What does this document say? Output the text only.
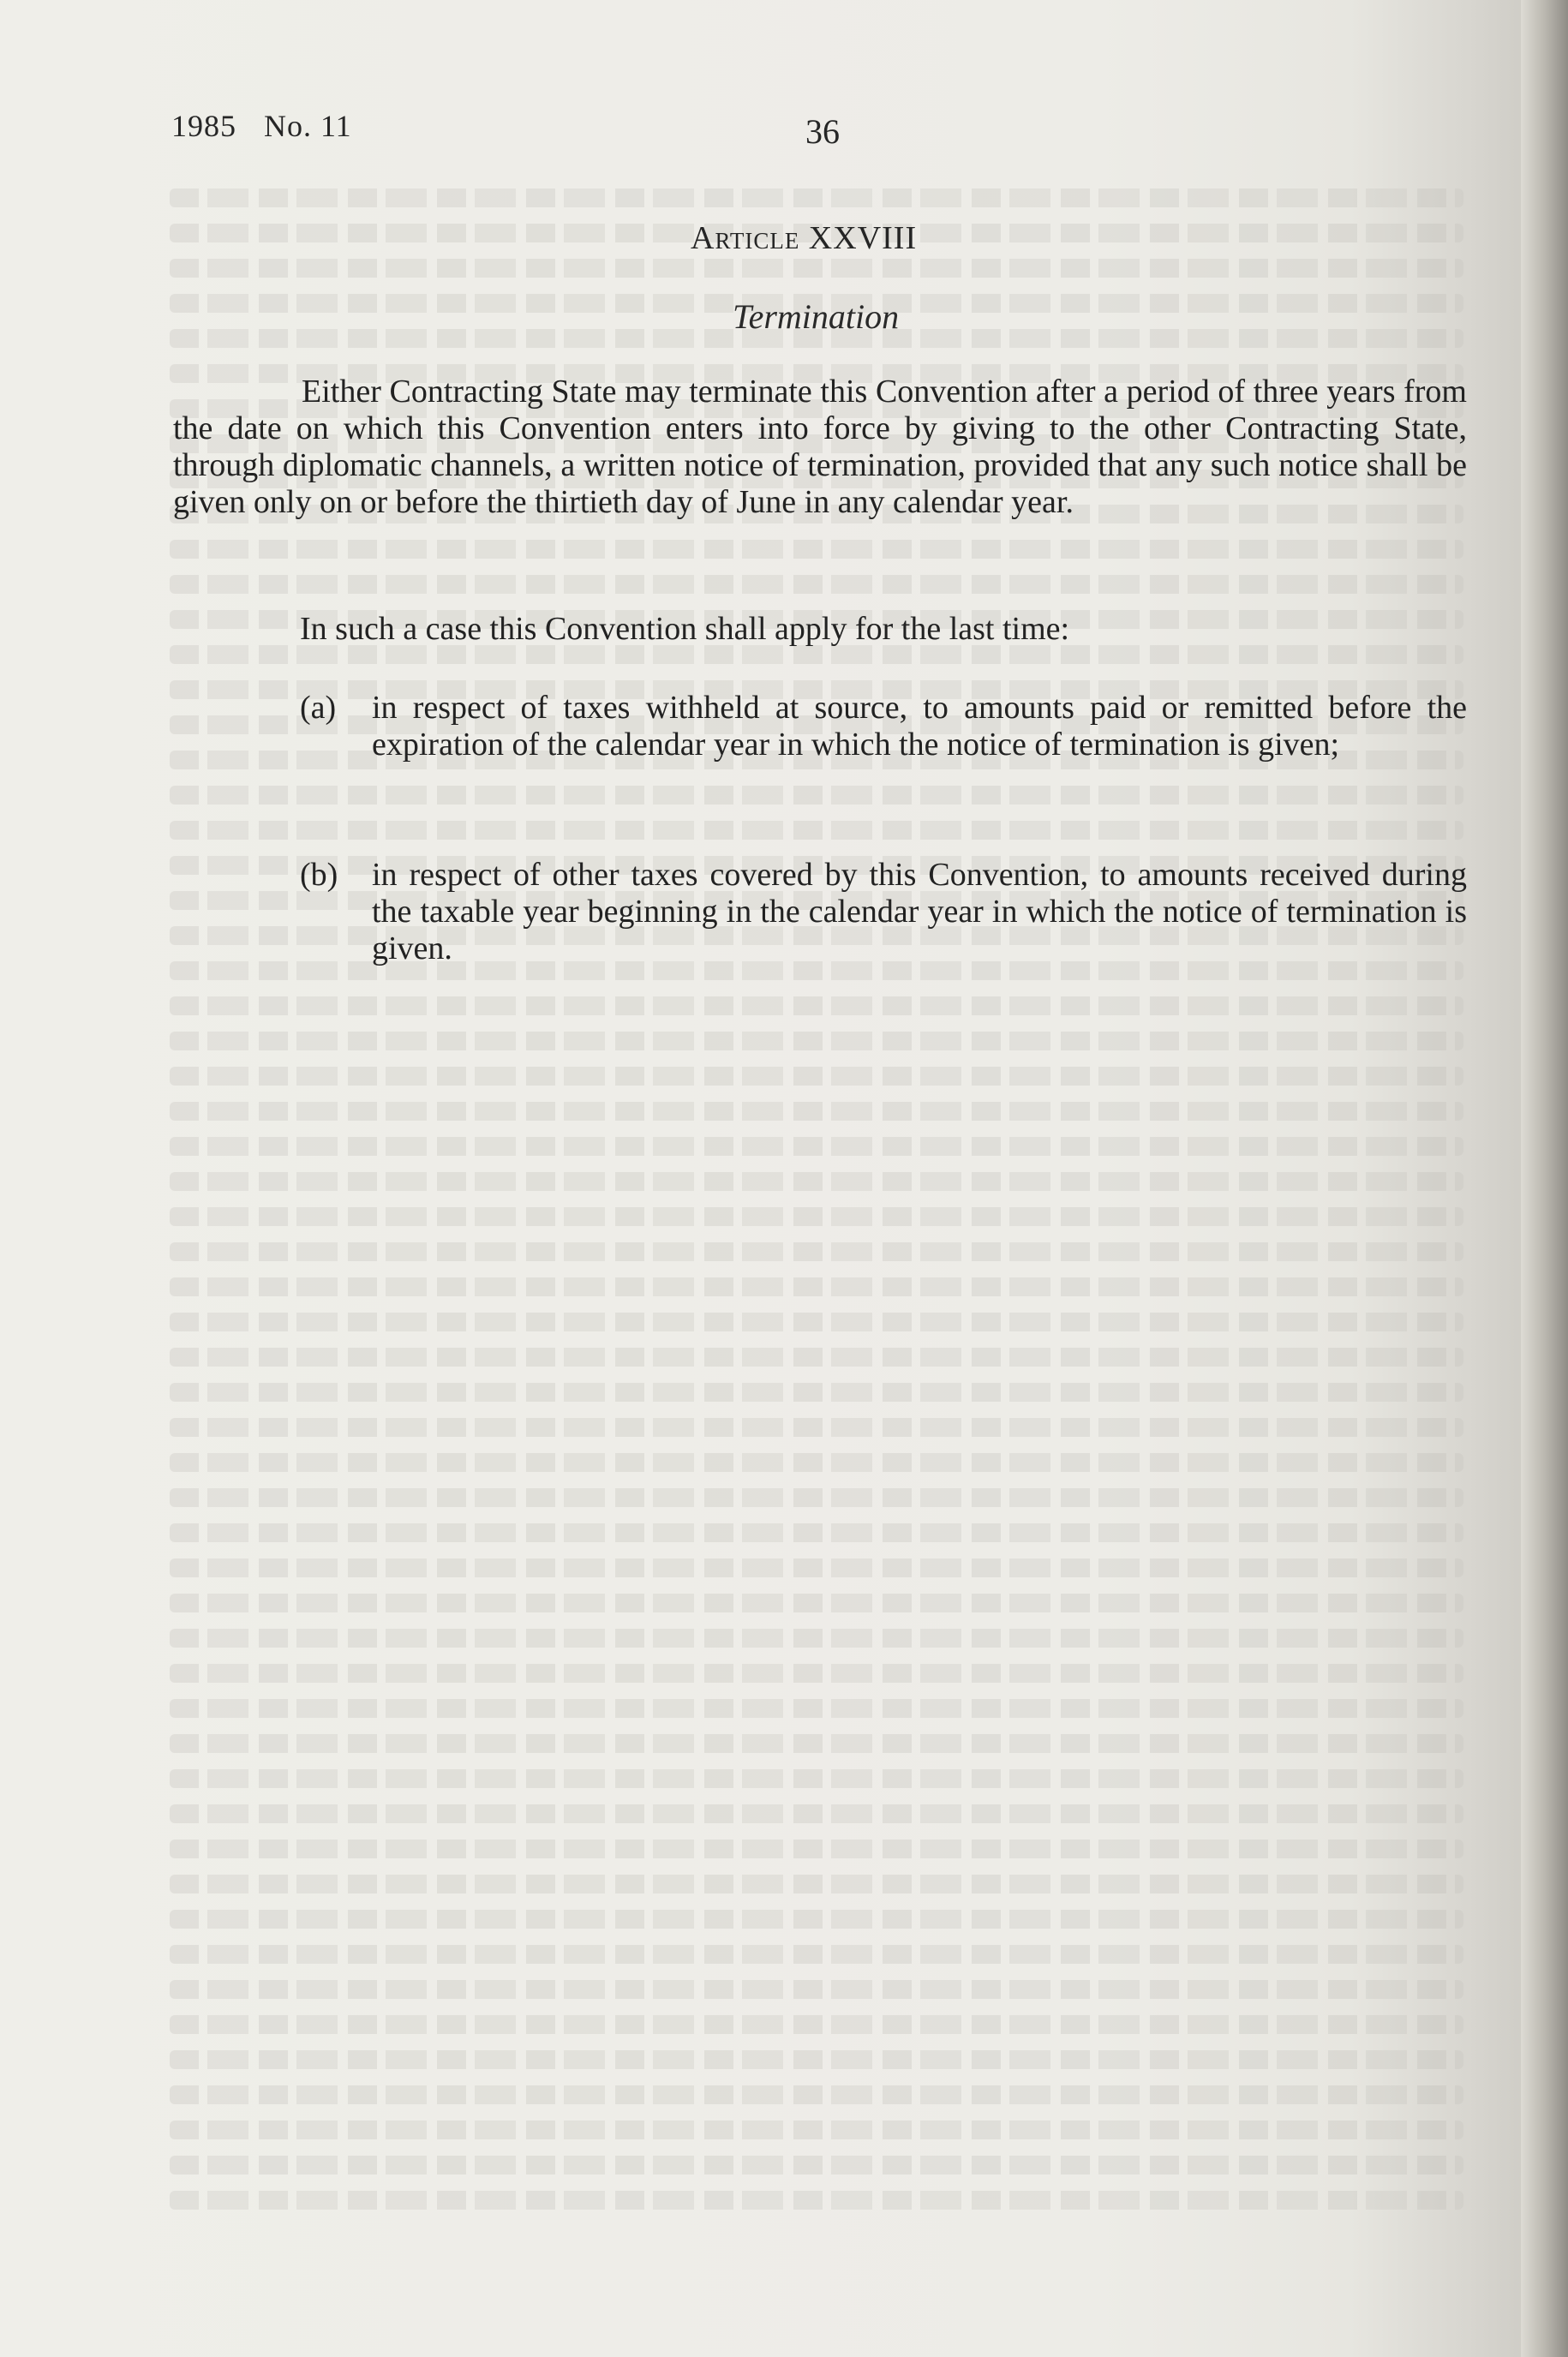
1985 No. 11	36
Article XXVIII
Termination
Either Contracting State may terminate this Convention after a period of three years from the date on which this Convention enters into force by giving to the other Contracting State, through diplomatic channels, a written notice of termination, provided that any such notice shall be given only on or before the thirtieth day of June in any calendar year.
In such a case this Convention shall apply for the last time:
(a)	in respect of taxes withheld at source, to amounts paid or remitted before the expiration of the calendar year in which the notice of termination is given;
(b)	in respect of other taxes covered by this Convention, to amounts received during the taxable year beginning in the calendar year in which the notice of termination is given.
